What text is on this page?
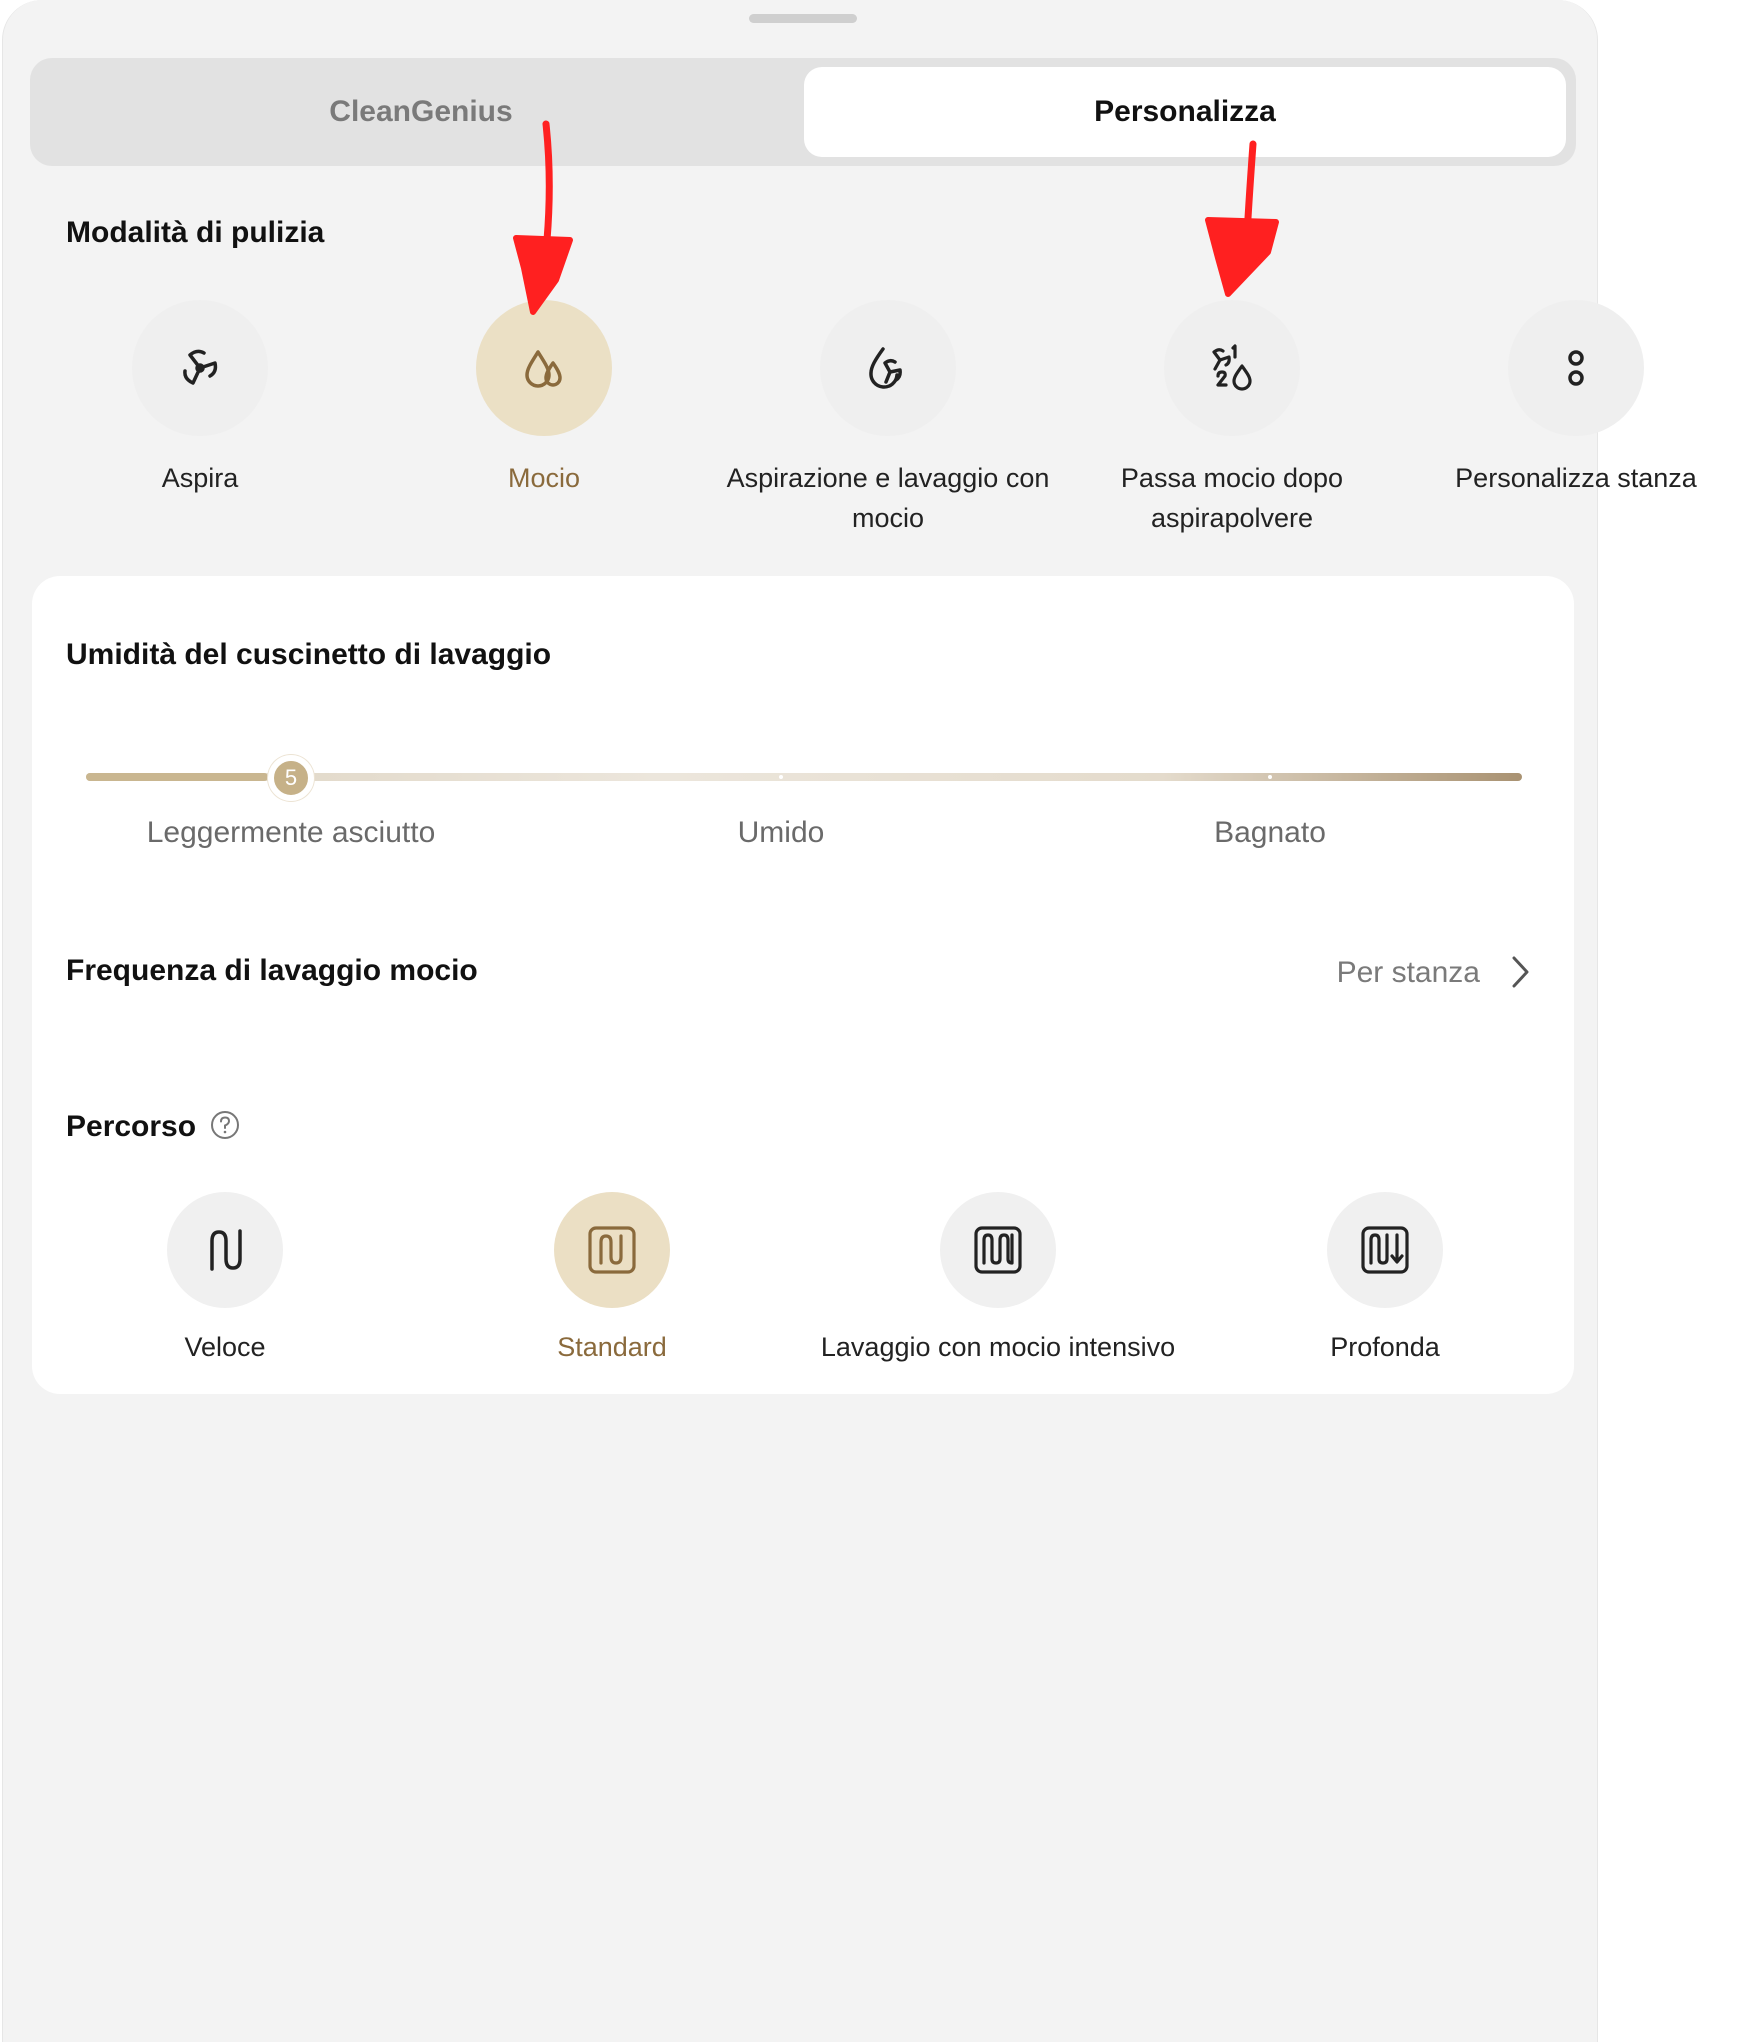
CleanGenius	Personalizza
Modalità di pulizia
Aspira	Mocio	Aspirazione e lavaggio con mocio
Passa mocio dopo aspirapolvere
Personalizza stanza
Umidità del cuscinetto di lavaggio
5
Leggermente asciutto	Umido	Bagnato
Frequenza di lavaggio mocio	Per stanza
Percorso
Veloce	Standard	Lavaggio con mocio intensivo	Profonda
